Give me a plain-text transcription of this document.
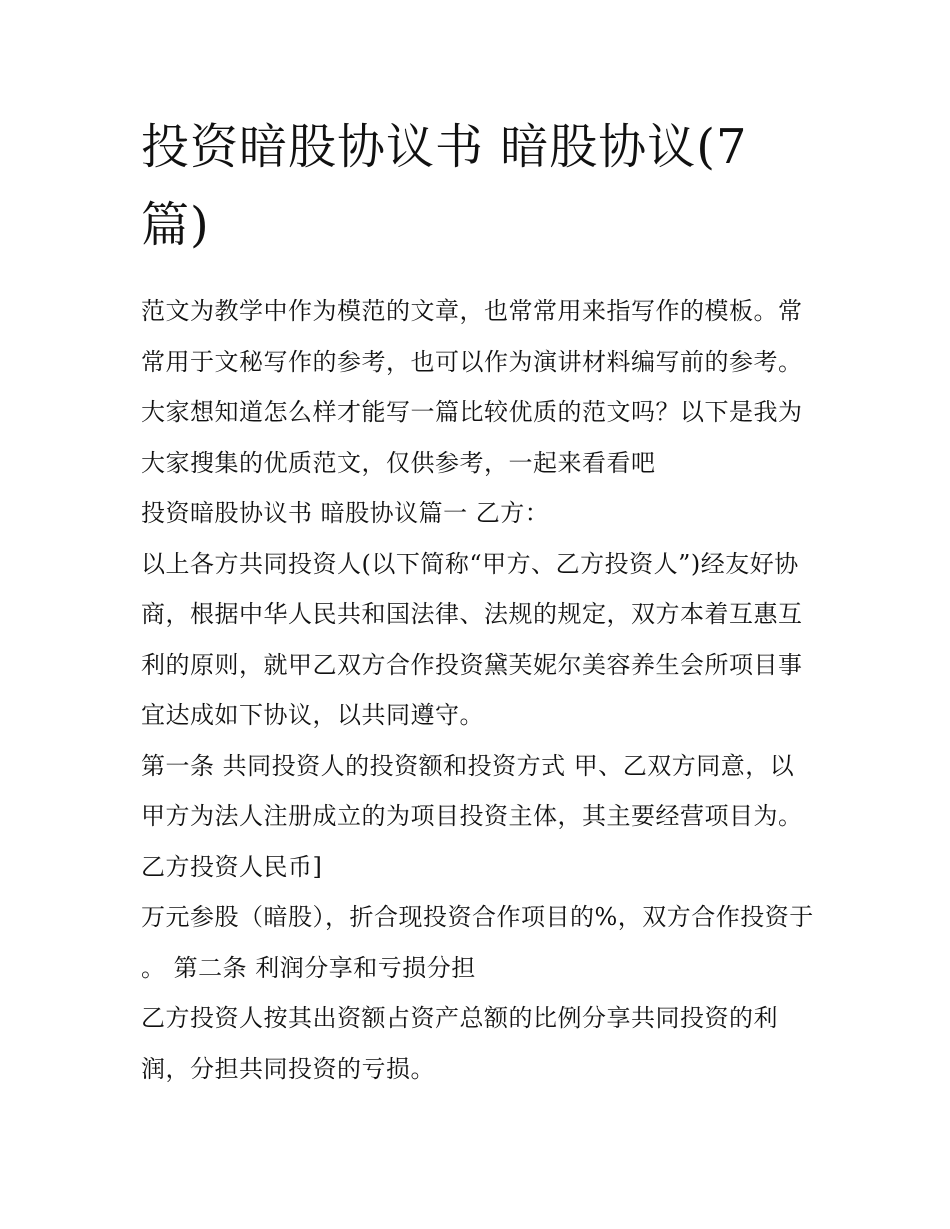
投资暗股协议书 暗股协议(7篇)

范文为教学中作为模范的文章，也常常用来指写作的模板。常常用于文秘写作的参考，也可以作为演讲材料编写前的参考。大家想知道怎么样才能写一篇比较优质的范文吗？以下是我为大家搜集的优质范文，仅供参考，一起来看看吧

投资暗股协议书 暗股协议篇一 乙方：

以上各方共同投资人(以下简称“甲方、乙方投资人”)经友好协商，根据中华人民共和国法律、法规的规定，双方本着互惠互利的原则，就甲乙双方合作投资黛芙妮尔美容养生会所项目事宜达成如下协议，以共同遵守。

第一条 共同投资人的投资额和投资方式 甲、乙双方同意，以甲方为法人注册成立的为项目投资主体，其主要经营项目为。

乙方投资人民币]

万元参股（暗股），折合现投资合作项目的%，双方合作投资于 。 第二条 利润分享和亏损分担

乙方投资人按其出资额占资产总额的比例分享共同投资的利润，分担共同投资的亏损。
